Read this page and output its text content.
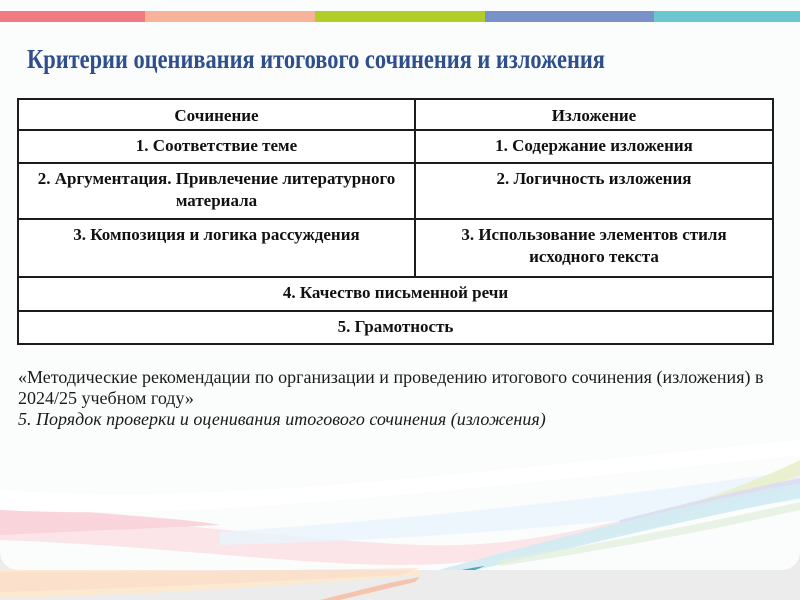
Критерии оценивания итогового сочинения и изложения
Сочинение	Изложение
1. Соответствие теме	1. Содержание изложения
2. Аргументация. Привлечение литературного материала	2. Логичность изложения
3. Композиция и логика рассуждения	3. Использование элементов стиля исходного текста
4. Качество письменной речи	
5. Грамотность	
«Методические рекомендации по организации и проведению итогового сочинения (изложения) в 2024/25 учебном году»
5. Порядок проверки и оценивания итогового сочинения (изложения)
